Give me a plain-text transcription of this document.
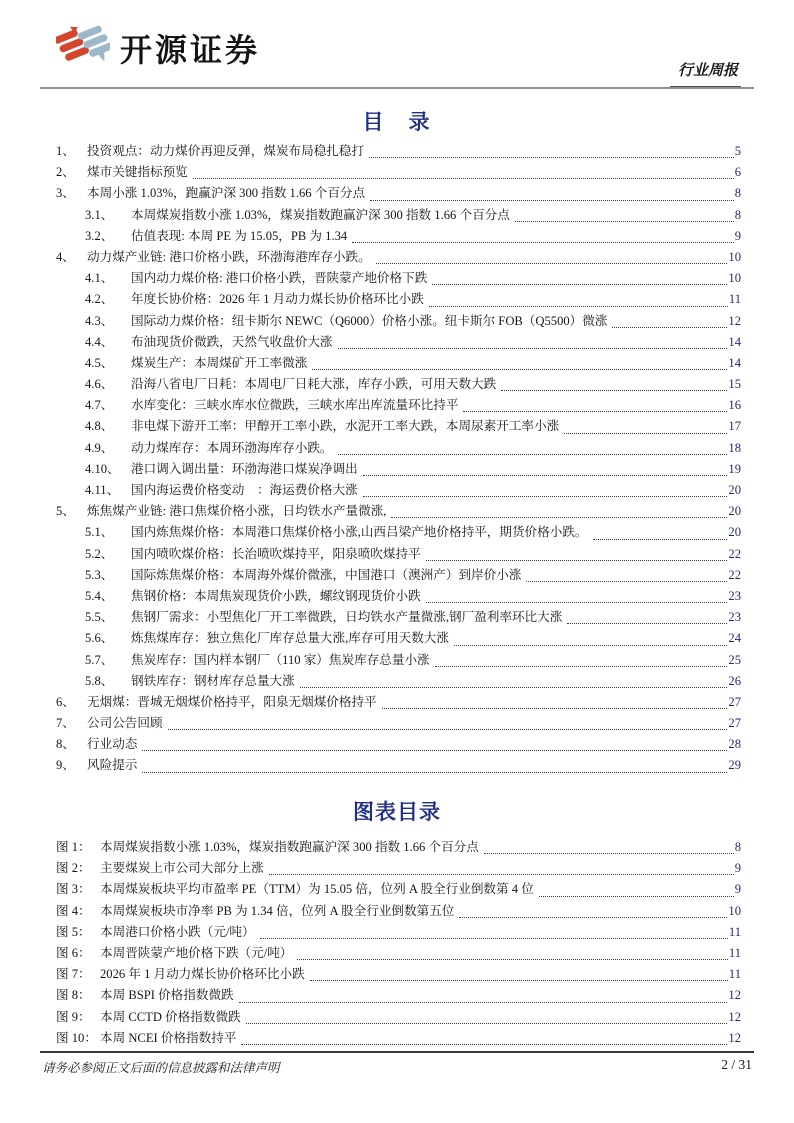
开源证券
行业周报
目　录
1、 投资观点：动力煤价再迎反弹，煤炭布局稳扎稳打	5
2、 煤市关键指标预览	6
3、 本周小涨 1.03%，跑赢沪深 300 指数 1.66 个百分点	8
3.1、	本周煤炭指数小涨 1.03%，煤炭指数跑赢沪深 300 指数 1.66 个百分点	8
3.2、	估值表现: 本周 PE 为 15.05，PB 为 1.34	9
4、 动力煤产业链: 港口价格小跌，环渤海港库存小跌。	10
4.1、	国内动力煤价格: 港口价格小跌，晋陕蒙产地价格下跌	10
4.2、	年度长协价格：2026 年 1 月动力煤长协价格环比小跌	11
4.3、	国际动力煤价格：纽卡斯尔 NEWC（Q6000）价格小涨。纽卡斯尔 FOB（Q5500）微涨	12
4.4、	布油现货价微跌，天然气收盘价大涨	14
4.5、	煤炭生产：本周煤矿开工率微涨	14
4.6、	沿海八省电厂日耗：本周电厂日耗大涨，库存小跌，可用天数大跌	15
4.7、	水库变化：三峡水库水位微跌，三峡水库出库流量环比持平	16
4.8、	非电煤下游开工率：甲醇开工率小跌，水泥开工率大跌，本周尿素开工率小涨	17
4.9、	动力煤库存：本周环渤海库存小跌。	18
4.10、 港口调入调出量：环渤海港口煤炭净调出	19
4.11、 国内海运费价格变动　：海运费价格大涨	20
5、 炼焦煤产业链: 港口焦煤价格小涨，日均铁水产量微涨,	20
5.1、	国内炼焦煤价格：本周港口焦煤价格小涨,山西吕梁产地价格持平，期货价格小跌。	20
5.2、	国内喷吹煤价格：长治喷吹煤持平，阳泉喷吹煤持平	22
5.3、	国际炼焦煤价格：本周海外煤价微涨，中国港口（澳洲产）到岸价小涨	22
5.4、	焦钢价格：本周焦炭现货价小跌，螺纹钢现货价小跌	23
5.5、	焦钢厂需求：小型焦化厂开工率微跌，日均铁水产量微涨,钢厂盈利率环比大涨	23
5.6、	炼焦煤库存：独立焦化厂库存总量大涨,库存可用天数大涨	24
5.7、	焦炭库存：国内样本钢厂（110 家）焦炭库存总量小涨	25
5.8、	钢铁库存：钢材库存总量大涨	26
6、 无烟煤：晋城无烟煤价格持平，阳泉无烟煤价格持平	27
7、 公司公告回顾	27
8、 行业动态	28
9、 风险提示	29
图表目录
图 1： 本周煤炭指数小涨 1.03%，煤炭指数跑赢沪深 300 指数 1.66 个百分点	8
图 2： 主要煤炭上市公司大部分上涨	9
图 3： 本周煤炭板块平均市盈率 PE（TTM）为 15.05 倍，位列 A 股全行业倒数第 4 位	9
图 4： 本周煤炭板块市净率 PB 为 1.34 倍，位列 A 股全行业倒数第五位	10
图 5： 本周港口价格小跌（元/吨）	11
图 6： 本周晋陕蒙产地价格下跌（元/吨）	11
图 7： 2026 年 1 月动力煤长协价格环比小跌	11
图 8： 本周 BSPI 价格指数微跌	12
图 9： 本周 CCTD 价格指数微跌	12
图 10： 本周 NCEI 价格指数持平	12
请务必参阅正文后面的信息披露和法律声明	2 / 31
